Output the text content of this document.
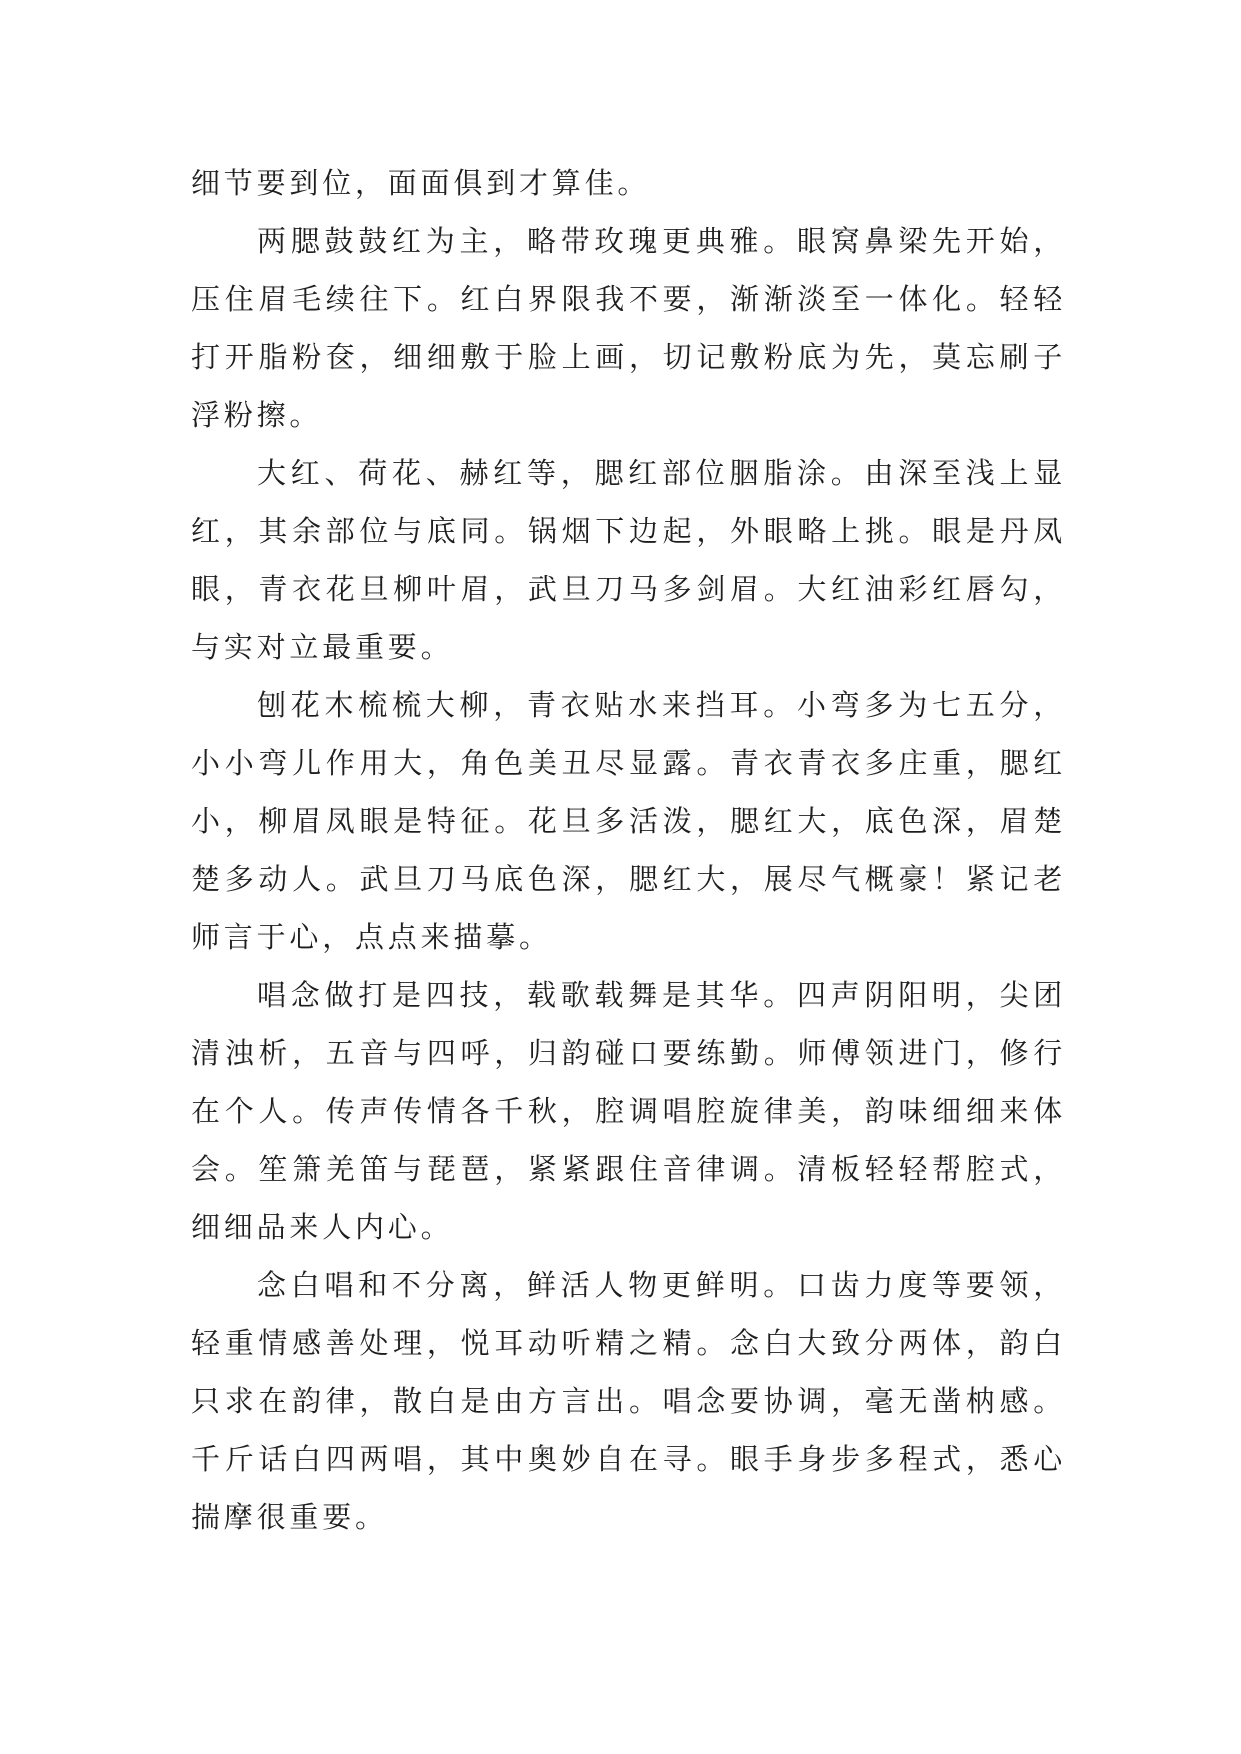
细节要到位，面面俱到才算佳。

两腮鼓鼓红为主，略带玫瑰更典雅。眼窝鼻梁先开始，压住眉毛续往下。红白界限我不要，渐渐淡至一体化。轻轻打开脂粉奁，细细敷于脸上画，切记敷粉底为先，莫忘刷子浮粉擦。

大红、荷花、赫红等，腮红部位胭脂涂。由深至浅上显红，其余部位与底同。锅烟下边起，外眼略上挑。眼是丹凤眼，青衣花旦柳叶眉，武旦刀马多剑眉。大红油彩红唇勾，与实对立最重要。

刨花木梳梳大柳，青衣贴水来挡耳。小弯多为七五分，小小弯儿作用大，角色美丑尽显露。青衣青衣多庄重，腮红小，柳眉凤眼是特征。花旦多活泼，腮红大，底色深，眉楚楚多动人。武旦刀马底色深，腮红大，展尽气概豪！紧记老师言于心，点点来描摹。

唱念做打是四技，载歌载舞是其华。四声阴阳明，尖团清浊析，五音与四呼，归韵碰口要练勤。师傅领进门，修行在个人。传声传情各千秋，腔调唱腔旋律美，韵味细细来体会。笙箫羌笛与琵琶，紧紧跟住音律调。清板轻轻帮腔式，细细品来人内心。

念白唱和不分离，鲜活人物更鲜明。口齿力度等要领，轻重情感善处理，悦耳动听精之精。念白大致分两体，韵白只求在韵律，散白是由方言出。唱念要协调，毫无凿枘感。千斤话白四两唱，其中奥妙自在寻。眼手身步多程式，悉心揣摩很重要。
